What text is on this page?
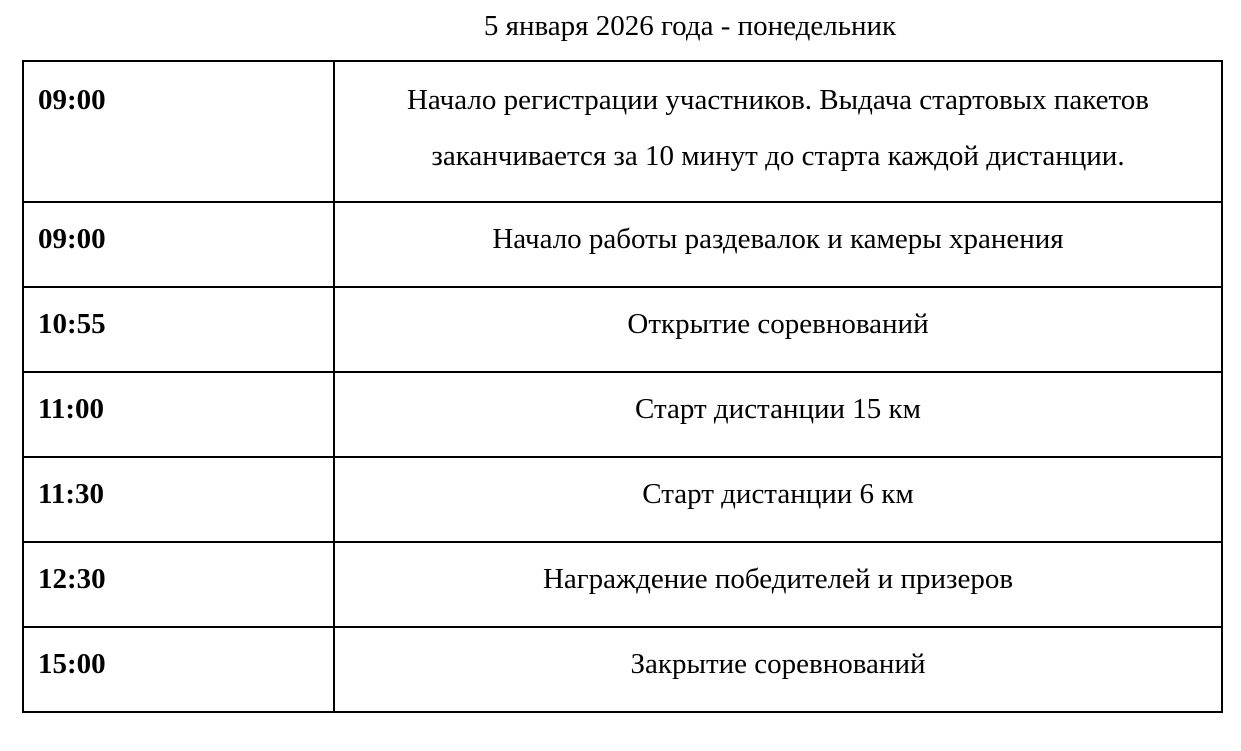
5 января 2026 года - понедельник
09:00	Начало регистрации участников. Выдача стартовых пакетов заканчивается за 10 минут до старта каждой дистанции.

09:00	Начало работы раздевалок и камеры хранения

10:55	Открытие соревнований

11:00	Старт дистанции 15 км

11:30	Старт дистанции 6 км

12:30	Награждение победителей и призеров

15:00	Закрытие соревнований
